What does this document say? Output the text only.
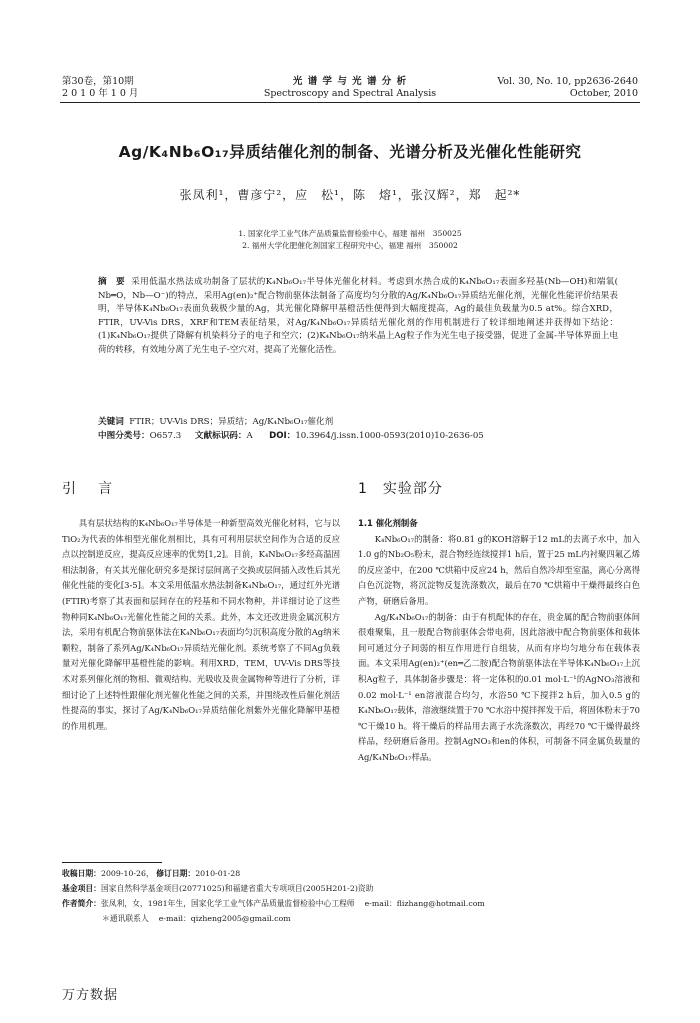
第30卷，第10期
2 0 1 0 年 1 0 月
光 谱 学 与 光 谱 分 析
Spectroscopy and Spectral Analysis
Vol. 30, No. 10, pp2636-2640
October, 2010
Ag/K₄Nb₆O₁₇异质结催化剂的制备、光谱分析及光催化性能研究
张凤利¹，曹彦宁²，应　松¹，陈　熔¹，张汉辉²，郑　起²*
1. 国家化学工业气体产品质量监督检验中心，福建 福州　350025
2. 福州大学化肥催化剂国家工程研究中心，福建 福州　350002
摘　要 采用低温水热法成功制备了层状的K₄Nb₆O₁₇半导体光催化材料。考虑到水热合成的K₄Nb₆O₁₇表面多羟基(Nb—OH)和端氧( Nb═O，Nb—O⁻)的特点，采用Ag(en)₂⁺配合物前驱体法制备了高度均匀分散的Ag/K₄Nb₆O₁₇异质结光催化剂，光催化性能评价结果表明，半导体K₄Nb₆O₁₇表面负载极少量的Ag，其光催化降解甲基橙活性便得到大幅度提高，Ag的最佳负载量为0.5 at%。综合XRD，FTIR，UV-Vis DRS，XRF和TEM表征结果，对Ag/K₄Nb₆O₁₇异质结光催化剂的作用机制进行了较详细地阐述并获得如下结论：(1)K₄Nb₆O₁₇提供了降解有机染料分子的电子和空穴；(2)K₄Nb₆O₁₇纳米晶上Ag粒子作为光生电子接受器，促进了金属-半导体界面上电荷的转移，有效地分离了光生电子-空穴对，提高了光催化活性。
关键词 FTIR；UV-Vis DRS；异质结；Ag/K₄Nb₆O₁₇催化剂
中图分类号：O657.3 文献标识码：A DOI：10.3964/j.issn.1000-0593(2010)10-2636-05
引　言	1　实验部分

具有层状结构的K₄Nb₆O₁₇半导体是一种新型高效光催化材料，它与以TiO₂为代表的体相型光催化剂相比，具有可利用层状空间作为合适的反应点以控制逆反应，提高反应速率的优势[1,2]。目前，K₄Nb₆O₁₇多经高温固相法制备，有关其光催化研究多是探讨层间离子交换或层间插入改性后其光催化性能的变化[3-5]。本文采用低温水热法制备K₄Nb₆O₁₇，通过红外光谱(FTIR)考察了其表面和层间存在的羟基和不同水物种，并详细讨论了这些物种同K₄Nb₆O₁₇光催化性能之间的关系。此外，本文还改进贵金属沉积方法，采用有机配合物前驱体法在K₄Nb₆O₁₇表面均匀沉积高度分散的Ag纳米颗粒，制备了系列Ag/K₄Nb₆O₁₇异质结光催化剂。系统考察了不同Ag负载量对光催化降解甲基橙性能的影响。利用XRD，TEM，UV-Vis DRS等技术对系列催化剂的物相、微观结构、光吸收及贵金属物种等进行了分析，详细讨论了上述特性跟催化剂光催化性能之间的关系，并围绕改性后催化剂活性提高的事实，探讨了Ag/K₄Nb₆O₁₇异质结催化剂紫外光催化降解甲基橙的作用机理。

1.1 催化剂制备

K₄Nb₆O₁₇的制备：将0.81 g的KOH溶解于12 mL的去离子水中，加入1.0 g的Nb₂O₅粉末，混合物经连续搅拌1 h后，置于25 mL内衬聚四氟乙烯的反应釜中，在200 ℃烘箱中反应24 h，然后自然冷却至室温，离心分离得白色沉淀物，将沉淀物反复洗涤数次，最后在70 ℃烘箱中干燥得最终白色产物，研磨后备用。

Ag/K₄Nb₆O₁₇的制备：由于有机配体的存在，贵金属的配合物前驱体间很难聚集，且一般配合物前驱体会带电荷，因此溶液中配合物前驱体和载体间可通过分子间弱的相互作用进行自组装，从而有序均匀地分布在载体表面。本文采用Ag(en)₂⁺(en═乙二胺)配合物前驱体法在半导体K₄Nb₆O₁₇上沉积Ag粒子，具体制备步骤是：将一定体积的0.01 mol·L⁻¹的AgNO₃溶液和0.02 mol·L⁻¹ en溶液混合均匀，水浴50 ℃下搅拌2 h后，加入0.5 g的K₄Nb₆O₁₇载体，溶液继续置于70 ℃水浴中搅拌挥发干后，将固体粉末于70 ℃干燥10 h。将干燥后的样品用去离子水洗涤数次，再经70 ℃干燥得最终样品，经研磨后备用。控制AgNO₃和en的体积，可制备不同金属负载量的Ag/K₄Nb₆O₁₇样品。

收稿日期：2009-10-26， 修订日期：2010-01-28
基金项目：国家自然科学基金项目(20771025)和福建省重大专项项目(2005H201-2)资助
作者简介：张凤利，女，1981年生，国家化学工业气体产品质量监督检验中心工程师 e-mail：flizhang@hotmail.com
＊通讯联系人 e-mail：qizheng2005@gmail.com
万方数据
